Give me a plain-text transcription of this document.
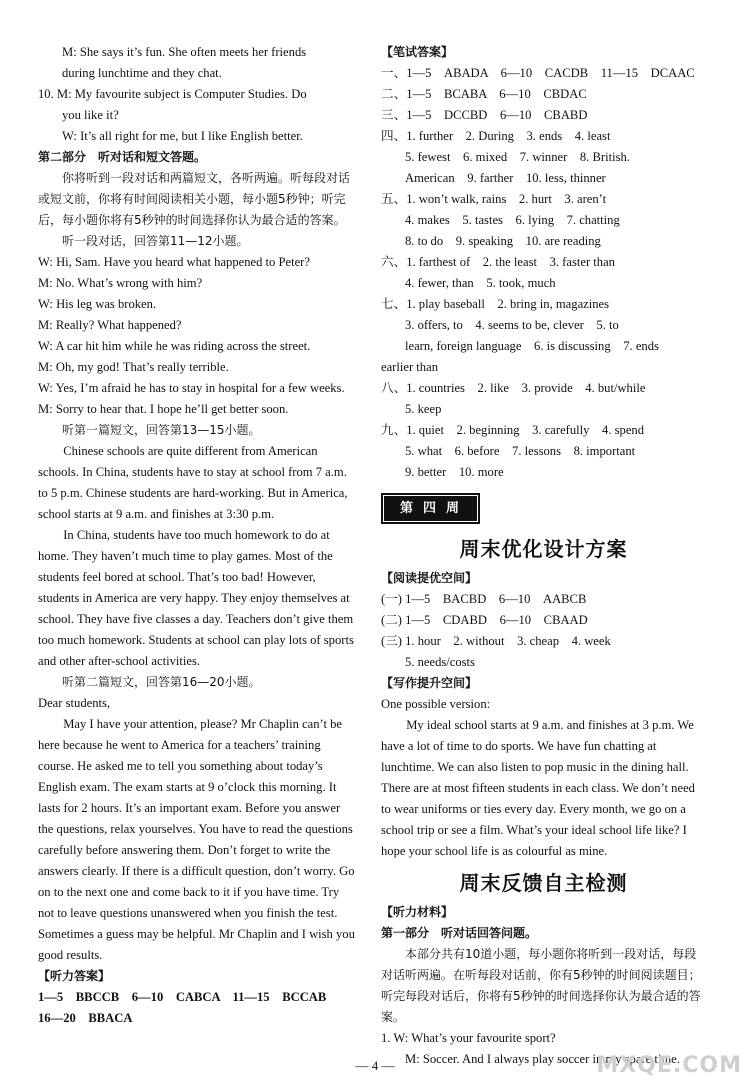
M: She says it’s fun. She often meets her friends

during lunchtime and they chat.

10. M: My favourite subject is Computer Studies. Do

you like it?

W: It’s all right for me, but I like English better.

第二部分　听对话和短文答题。

你将听到一段对话和两篇短文，各听两遍。听每段对话或短文前，你将有时间阅读相关小题，每小题5秒钟；听完后，每小题你将有5秒钟的时间选择你认为最合适的答案。

听一段对话，回答第11—12小题。

W: Hi, Sam. Have you heard what happened to Peter?

M: No. What’s wrong with him?

W: His leg was broken.

M: Really? What happened?

W: A car hit him while he was riding across the street.

M: Oh, my god! That’s really terrible.

W: Yes, I’m afraid he has to stay in hospital for a few weeks.

M: Sorry to hear that. I hope he’ll get better soon.

听第一篇短文，回答第13—15小题。

Chinese schools are quite different from American schools. In China, students have to stay at school from 7 a.m. to 5 p.m. Chinese students are hard-working. But in America, school starts at 9 a.m. and finishes at 3:30 p.m.

In China, students have too much homework to do at home. They haven’t much time to play games. Most of the students feel bored at school. That’s too bad! However, students in America are very happy. They enjoy themselves at school. They have five classes a day. Teachers don’t give them too much homework. Students at school can play lots of sports and other after-school activities.

听第二篇短文，回答第16—20小题。

Dear students,

May I have your attention, please? Mr Chaplin can’t be here because he went to America for a teachers’ training course. He asked me to tell you something about today’s English exam. The exam starts at 9 o’clock this morning. It lasts for 2 hours. It’s an important exam. Before you answer the questions, relax yourselves. You have to read the questions carefully before answering them. Don’t forget to write the answers clearly. If there is a difficult question, don’t worry. Go on to the next one and come back to it if you have time. Try not to leave questions unanswered when you finish the test. Sometimes a guess may be helpful. Mr Chaplin and I wish you good results.

【听力答案】

1—5　BBCCB　6—10　CABCA　11—15　BCCAB

16—20　BBACA

【笔试答案】

一、1—5　ABADA　6—10　CACDB　11—15　DCAAC

二、1—5　BCABA　6—10　CBDAC

三、1—5　DCCBD　6—10　CBABD

四、1. further　2. During　3. ends　4. least

5. fewest　6. mixed　7. winner　8. British.

American　9. farther　10. less, thinner

五、1. won’t walk, rains　2. hurt　3. aren’t

4. makes　5. tastes　6. lying　7. chatting

8. to do　9. speaking　10. are reading

六、1. farthest of　2. the least　3. faster than

4. fewer, than　5. took, much

七、1. play baseball　2. bring in, magazines

3. offers, to　4. seems to be, clever　5. to

learn, foreign language　6. is discussing　7. ends

earlier than

八、1. countries　2. like　3. provide　4. but/while

5. keep

九、1. quiet　2. beginning　3. carefully　4. spend

5. what　6. before　7. lessons　8. important

9. better　10. more

第四周
周末优化设计方案

【阅读提优空间】

(一) 1—5　BACBD　6—10　AABCB

(二) 1—5　CDABD　6—10　CBAAD

(三) 1. hour　2. without　3. cheap　4. week

5. needs/costs

【写作提升空间】

One possible version:

My ideal school starts at 9 a.m. and finishes at 3 p.m. We have a lot of time to do sports. We have fun chatting at lunchtime. We can also listen to pop music in the dining hall. There are at most fifteen students in each class. We don’t need to wear uniforms or ties every day. Every month, we go on a school trip or see a film. What’s your ideal school life like? I hope your school life is as colourful as mine.

周末反馈自主检测

【听力材料】

第一部分　听对话回答问题。

本部分共有10道小题，每小题你将听到一段对话，每段对话听两遍。在听每段对话前，你有5秒钟的时间阅读题目；听完每段对话后，你将有5秒钟的时间选择你认为最合适的答案。

1. W: What’s your favourite sport?

M: Soccer. And I always play soccer in my spare time.

— 4 —	MXQE.COM
